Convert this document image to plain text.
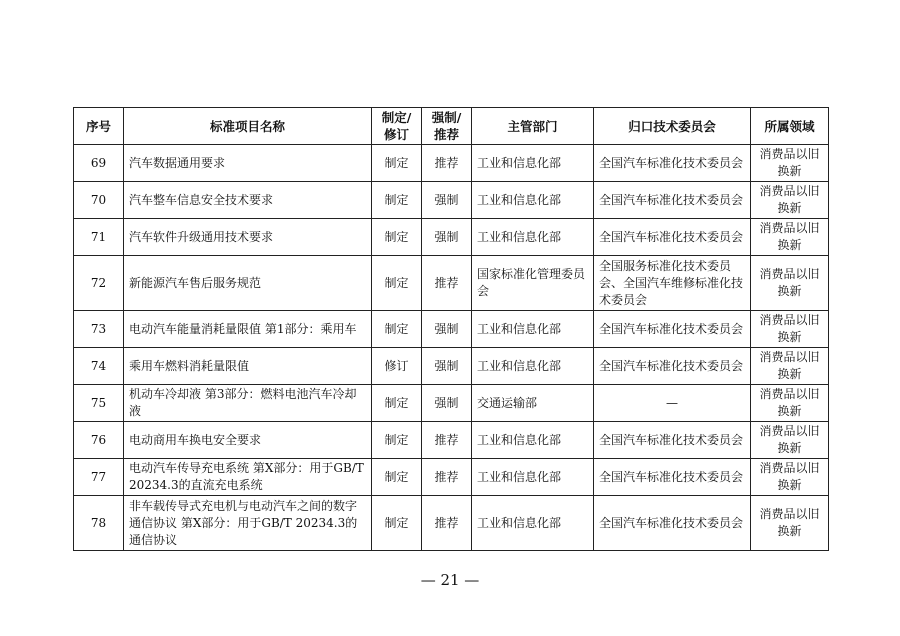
序号	标准项目名称	制定/修订	强制/推荐	主管部门	归口技术委员会	所属领域
69	汽车数据通用要求	制定	推荐	工业和信息化部	全国汽车标准化技术委员会	消费品以旧换新
70	汽车整车信息安全技术要求	制定	强制	工业和信息化部	全国汽车标准化技术委员会	消费品以旧换新
71	汽车软件升级通用技术要求	制定	强制	工业和信息化部	全国汽车标准化技术委员会	消费品以旧换新
72	新能源汽车售后服务规范	制定	推荐	国家标准化管理委员会	全国服务标准化技术委员会、全国汽车维修标准化技术委员会	消费品以旧换新
73	电动汽车能量消耗量限值 第1部分：乘用车	制定	强制	工业和信息化部	全国汽车标准化技术委员会	消费品以旧换新
74	乘用车燃料消耗量限值	修订	强制	工业和信息化部	全国汽车标准化技术委员会	消费品以旧换新
75	机动车冷却液 第3部分：燃料电池汽车冷却液	制定	强制	交通运输部	—	消费品以旧换新
76	电动商用车换电安全要求	制定	推荐	工业和信息化部	全国汽车标准化技术委员会	消费品以旧换新
77	电动汽车传导充电系统 第X部分：用于GB/T 20234.3的直流充电系统	制定	推荐	工业和信息化部	全国汽车标准化技术委员会	消费品以旧换新
78	非车载传导式充电机与电动汽车之间的数字通信协议 第X部分：用于GB/T 20234.3的通信协议	制定	推荐	工业和信息化部	全国汽车标准化技术委员会	消费品以旧换新
— 21 —
